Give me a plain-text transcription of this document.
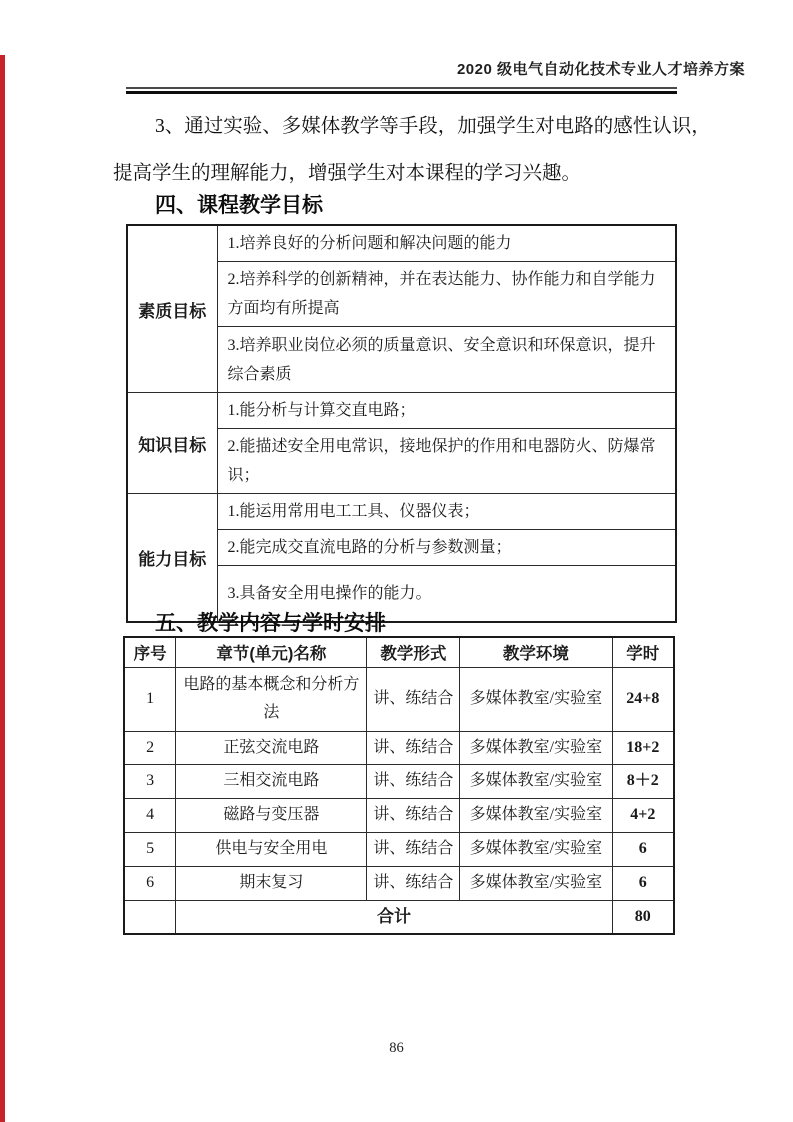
2020 级电气自动化技术专业人才培养方案
3、通过实验、多媒体教学等手段，加强学生对电路的感性认识，
提高学生的理解能力，增强学生对本课程的学习兴趣。
四、课程教学目标
素质目标	1.培养良好的分析问题和解决问题的能力
	2.培养科学的创新精神，并在表达能力、协作能力和自学能力方面均有所提高
	3.培养职业岗位必须的质量意识、安全意识和环保意识，提升综合素质
知识目标	1.能分析与计算交直电路；
	2.能描述安全用电常识，接地保护的作用和电器防火、防爆常识；
能力目标	1.能运用常用电工工具、仪器仪表；
	2.能完成交直流电路的分析与参数测量；
	3.具备安全用电操作的能力。
五、教学内容与学时安排
序号	章节(单元)名称	教学形式	教学环境	学时
1	电路的基本概念和分析方法	讲、练结合	多媒体教室/实验室	24+8
2	正弦交流电路	讲、练结合	多媒体教室/实验室	18+2
3	三相交流电路	讲、练结合	多媒体教室/实验室	8＋2
4	磁路与变压器	讲、练结合	多媒体教室/实验室	4+2
5	供电与安全用电	讲、练结合	多媒体教室/实验室	6
6	期末复习	讲、练结合	多媒体教室/实验室	6
	合计			80
86
